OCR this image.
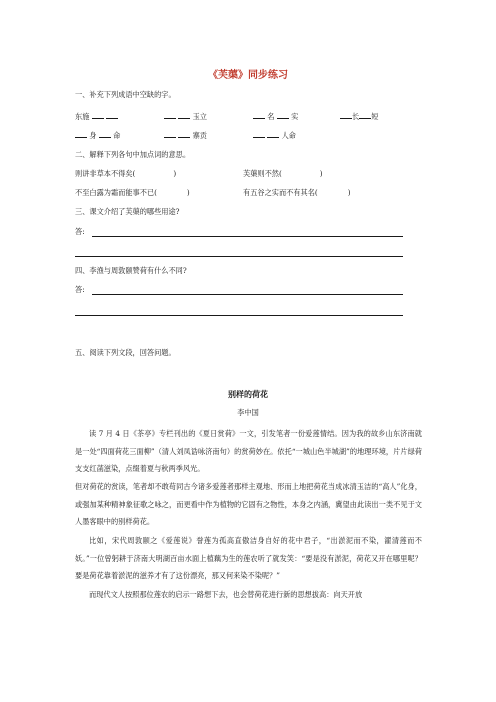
《芙蕖》同步练习
一、补充下列成语中空缺的字。
东施	玉立	名 实	长 短
身 命	寨贡	人命
二、解释下列各句中加点词的意思。
则讲非草本不得矣(	)	芙蕖则不然(	)
不至白露为霜而能事不已(	)	有五谷之实而不有其名(	)
三、课文介绍了芙蕖的哪些用途?
答:
四、李渔与周敦颐赞荷有什么不同?
答:
五、阅读下列文段，回答问题。
别样的荷花
李中国
读 7 月 4 日《茶亭》专栏刊出的《夏日赏荷》一文，引发笔者一份爱莲情结。因为我的故乡山东济南就是一处“四面荷花三面柳”（清人刘凤诰咏济南句）的赏荷妙在。依托“一城山色半城湖”的地理环境，片片绿荷支支红菡滋染，点缀着夏与秋两季风光。
但对荷花的赏读，笔者却不敢苟同古今诸多爱莲者那样主观地、形而上地把荷花当成冰清玉洁的“高人”化身，或强加某种精神象征歌之咏之，而更看中作为植物的它固有之物性，本身之内涵，冀望由此读出一类不见于文人墨客眼中的别样荷花。
比如，宋代周敦颐之《爱莲说》誉莲为孤高直傲洁身自好的花中君子，“出淤泥而不染，濯清莲而不妖。”一位曾躬耕于济南大明湖百亩水面上植藕为生的莲农听了就发笑：“要是没有淤泥，荷花又开在哪里呢？要是荷花靠着淤泥的滋养才有了这份漂亮，那又何来染不染呢？”
而现代文人按照那位莲农的启示一路想下去，也会替荷花进行新的思想拔高：向天开放
